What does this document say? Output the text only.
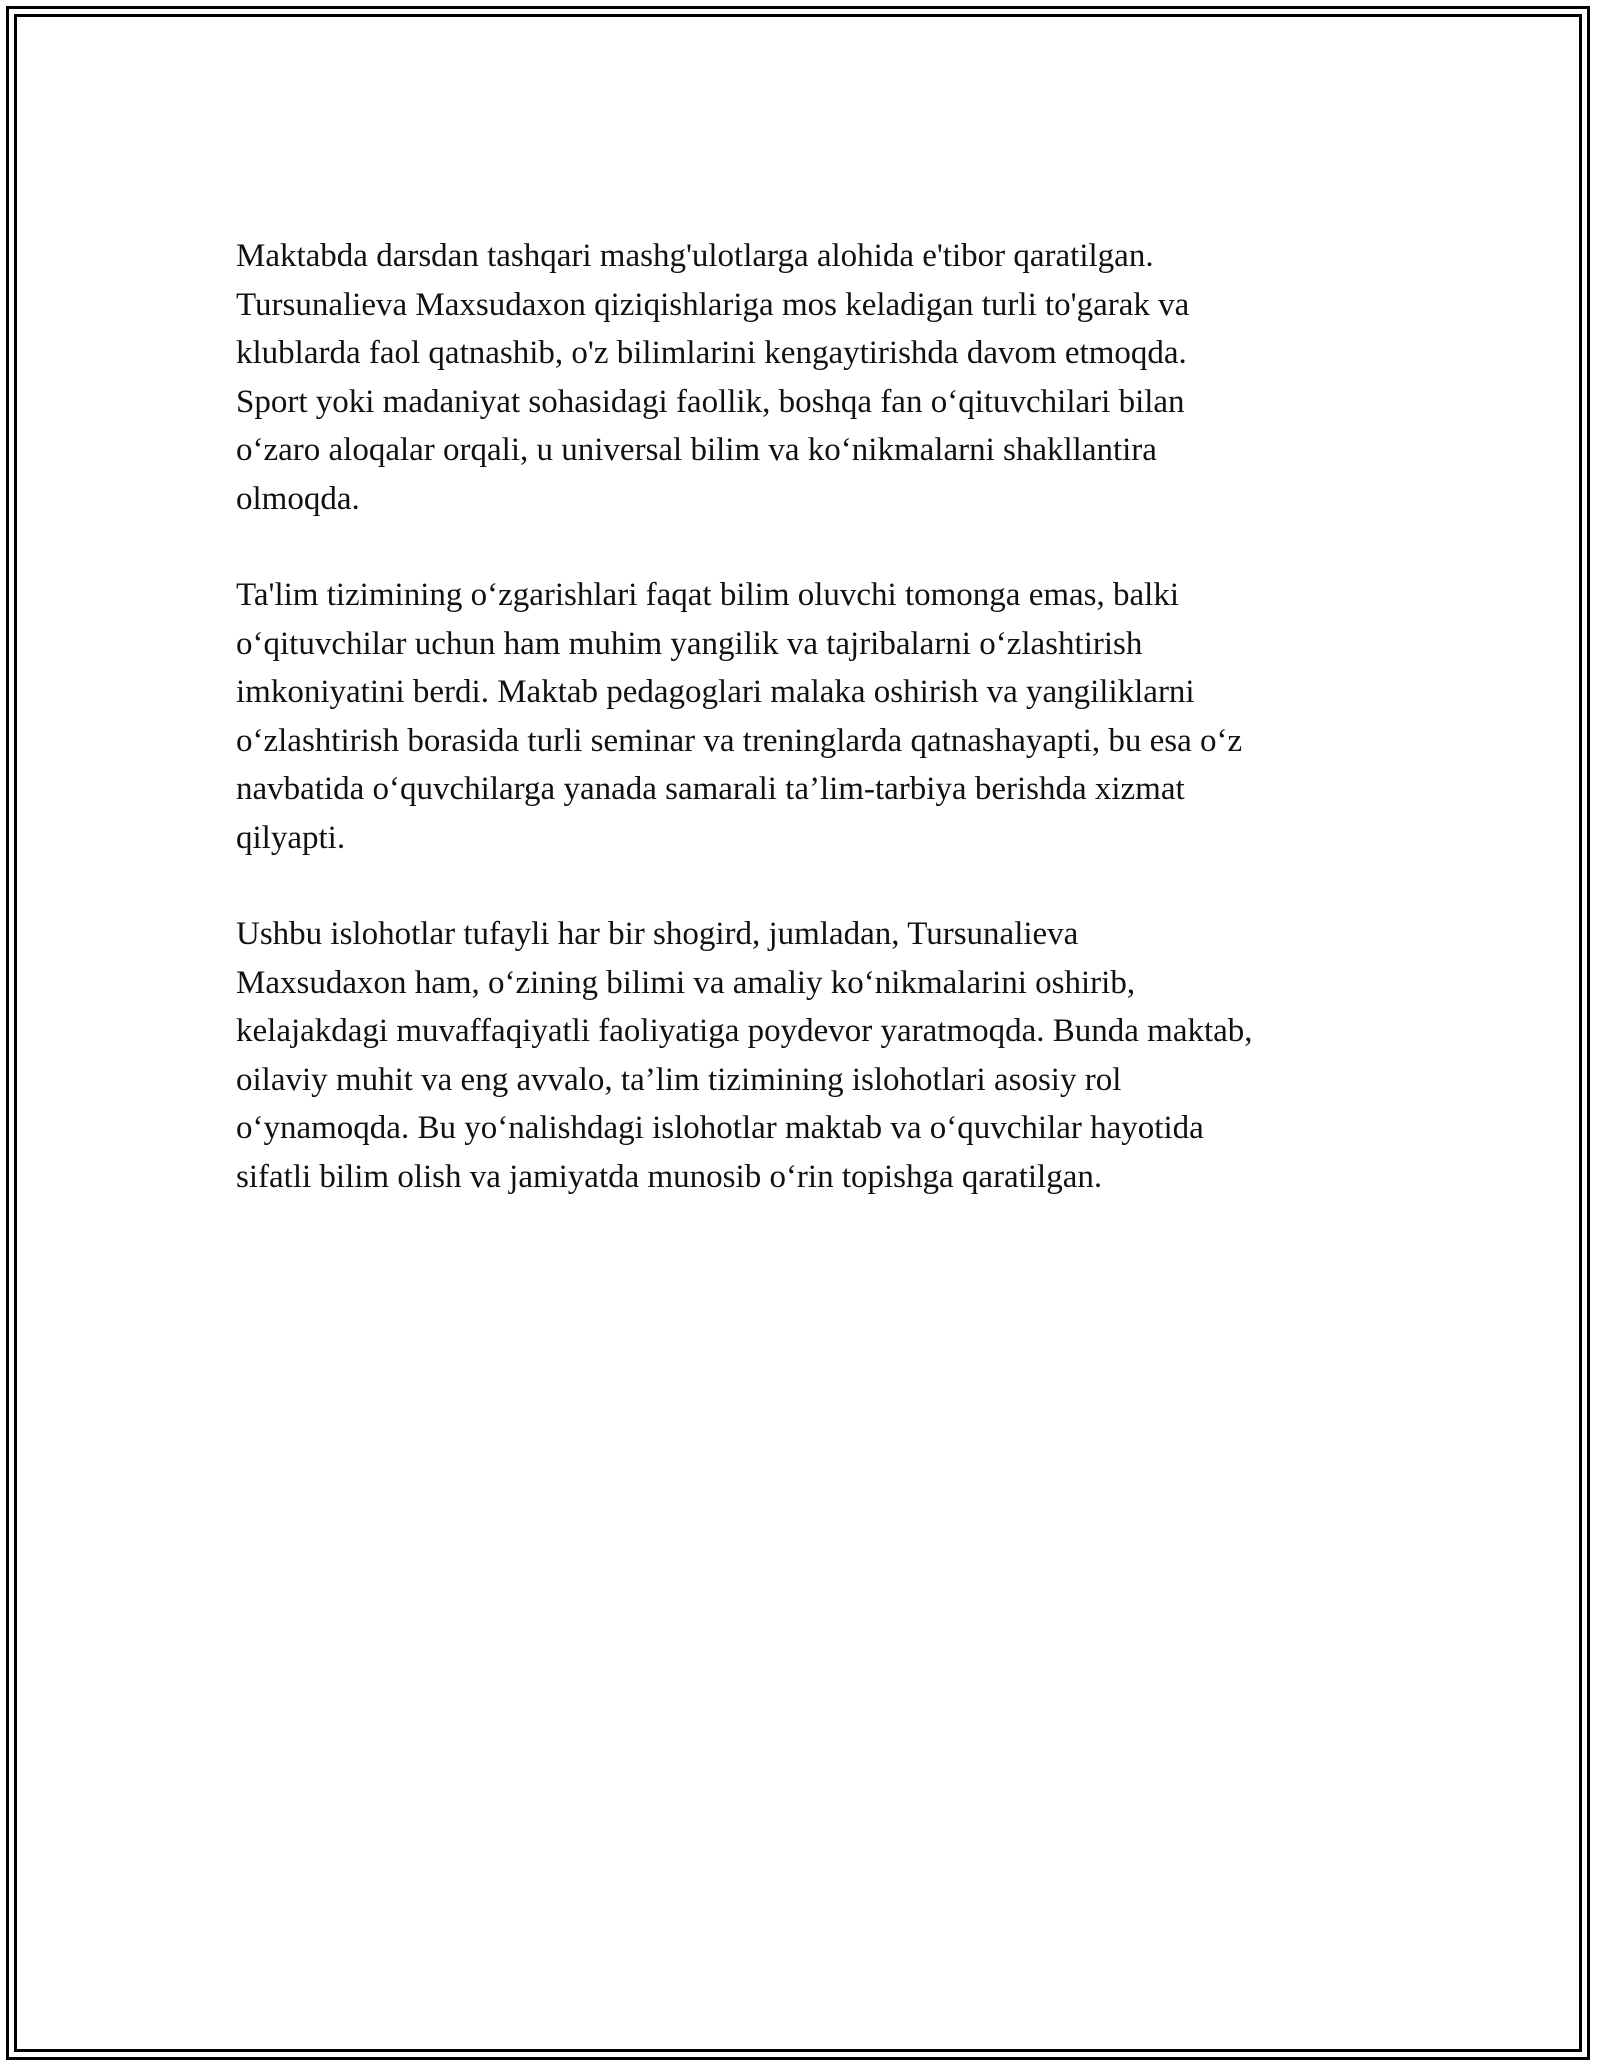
Maktabda darsdan tashqari mashg'ulotlarga alohida e'tibor qaratilgan.
Tursunalieva Maxsudaxon qiziqishlariga mos keladigan turli to'garak va
klublarda faol qatnashib, o'z bilimlarini kengaytirishda davom etmoqda.
Sport yoki madaniyat sohasidagi faollik, boshqa fan o‘qituvchilari bilan
o‘zaro aloqalar orqali, u universal bilim va ko‘nikmalarni shakllantira
olmoqda.

Ta'lim tizimining o‘zgarishlari faqat bilim oluvchi tomonga emas, balki
o‘qituvchilar uchun ham muhim yangilik va tajribalarni o‘zlashtirish
imkoniyatini berdi. Maktab pedagoglari malaka oshirish va yangiliklarni
o‘zlashtirish borasida turli seminar va treninglarda qatnashayapti, bu esa o‘z
navbatida o‘quvchilarga yanada samarali ta’lim-tarbiya berishda xizmat
qilyapti.

Ushbu islohotlar tufayli har bir shogird, jumladan, Tursunalieva
Maxsudaxon ham, o‘zining bilimi va amaliy ko‘nikmalarini oshirib,
kelajakdagi muvaffaqiyatli faoliyatiga poydevor yaratmoqda. Bunda maktab,
oilaviy muhit va eng avvalo, ta’lim tizimining islohotlari asosiy rol
o‘ynamoqda. Bu yo‘nalishdagi islohotlar maktab va o‘quvchilar hayotida
sifatli bilim olish va jamiyatda munosib o‘rin topishga qaratilgan.
